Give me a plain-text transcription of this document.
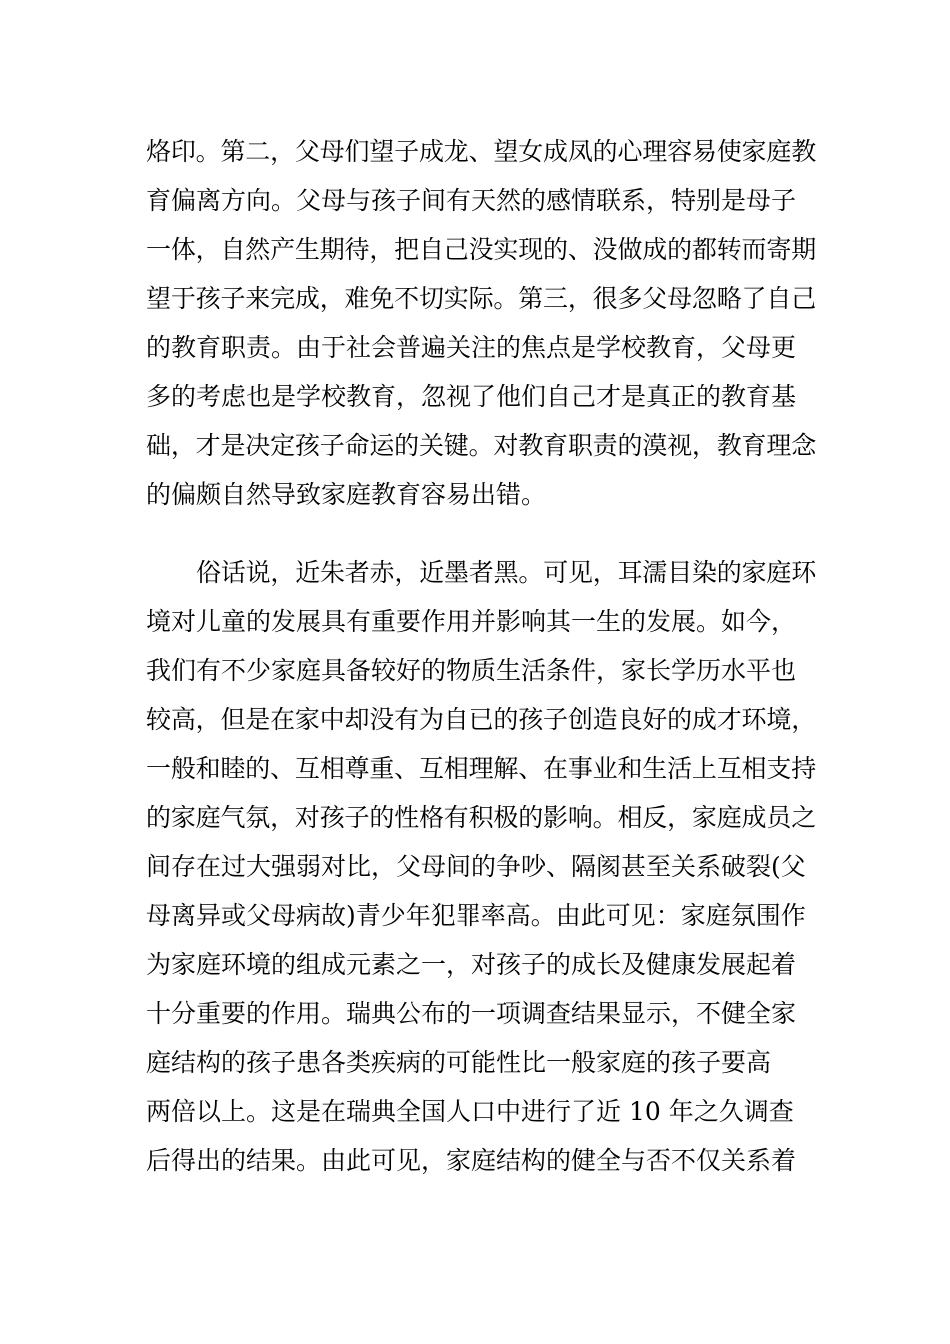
烙印。第二，父母们望子成龙、望女成凤的心理容易使家庭教
育偏离方向。父母与孩子间有天然的感情联系，特别是母子
一体，自然产生期待，把自己没实现的、没做成的都转而寄期
望于孩子来完成，难免不切实际。第三，很多父母忽略了自己
的教育职责。由于社会普遍关注的焦点是学校教育，父母更
多的考虑也是学校教育，忽视了他们自己才是真正的教育基
础，才是决定孩子命运的关键。对教育职责的漠视，教育理念
的偏颇自然导致家庭教育容易出错。
俗话说，近朱者赤，近墨者黑。可见，耳濡目染的家庭环
境对儿童的发展具有重要作用并影响其一生的发展。如今，
我们有不少家庭具备较好的物质生活条件，家长学历水平也
较高，但是在家中却没有为自已的孩子创造良好的成才环境，
一般和睦的、互相尊重、互相理解、在事业和生活上互相支持
的家庭气氛，对孩子的性格有积极的影响。相反，家庭成员之
间存在过大强弱对比，父母间的争吵、隔阂甚至关系破裂(父
母离异或父母病故)青少年犯罪率高。由此可见：家庭氛围作
为家庭环境的组成元素之一，对孩子的成长及健康发展起着
十分重要的作用。瑞典公布的一项调查结果显示，不健全家
庭结构的孩子患各类疾病的可能性比一般家庭的孩子要高
两倍以上。这是在瑞典全国人口中进行了近 10 年之久调查
后得出的结果。由此可见，家庭结构的健全与否不仅关系着
